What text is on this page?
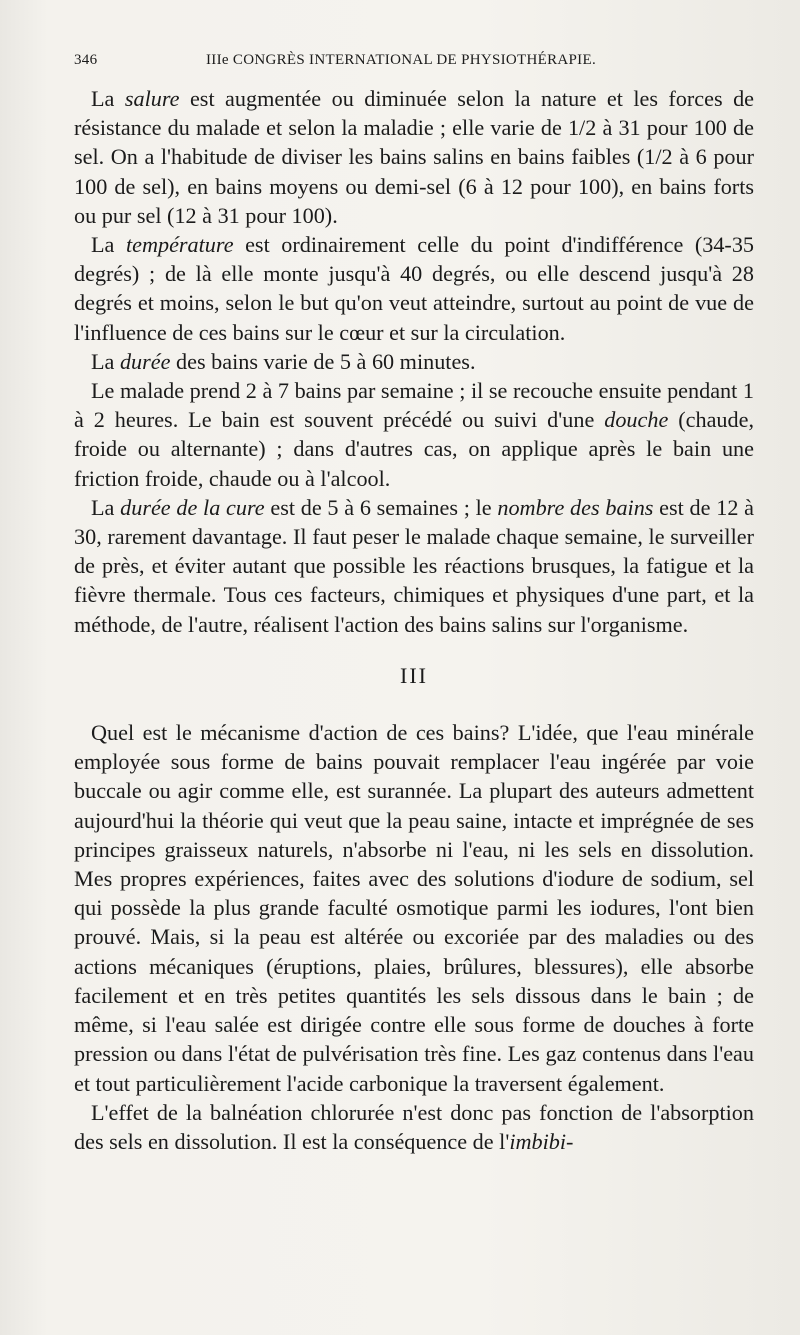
346	IIIe CONGRÈS INTERNATIONAL DE PHYSIOTHÉRAPIE.

La salure est augmentée ou diminuée selon la nature et les forces de résistance du malade et selon la maladie ; elle varie de 1/2 à 31 pour 100 de sel. On a l'habitude de diviser les bains salins en bains faibles (1/2 à 6 pour 100 de sel), en bains moyens ou demi-sel (6 à 12 pour 100), en bains forts ou pur sel (12 à 31 pour 100).

La température est ordinairement celle du point d'indifférence (34-35 degrés) ; de là elle monte jusqu'à 40 degrés, ou elle descend jusqu'à 28 degrés et moins, selon le but qu'on veut atteindre, surtout au point de vue de l'influence de ces bains sur le cœur et sur la circulation.

La durée des bains varie de 5 à 60 minutes.

Le malade prend 2 à 7 bains par semaine ; il se recouche ensuite pendant 1 à 2 heures. Le bain est souvent précédé ou suivi d'une douche (chaude, froide ou alternante) ; dans d'autres cas, on applique après le bain une friction froide, chaude ou à l'alcool.

La durée de la cure est de 5 à 6 semaines ; le nombre des bains est de 12 à 30, rarement davantage. Il faut peser le malade chaque semaine, le surveiller de près, et éviter autant que possible les réactions brusques, la fatigue et la fièvre thermale. Tous ces facteurs, chimiques et physiques d'une part, et la méthode, de l'autre, réalisent l'action des bains salins sur l'organisme.

III

Quel est le mécanisme d'action de ces bains? L'idée, que l'eau minérale employée sous forme de bains pouvait remplacer l'eau ingérée par voie buccale ou agir comme elle, est surannée. La plupart des auteurs admettent aujourd'hui la théorie qui veut que la peau saine, intacte et imprégnée de ses principes graisseux naturels, n'absorbe ni l'eau, ni les sels en dissolution. Mes propres expériences, faites avec des solutions d'iodure de sodium, sel qui possède la plus grande faculté osmotique parmi les iodures, l'ont bien prouvé. Mais, si la peau est altérée ou excoriée par des maladies ou des actions mécaniques (éruptions, plaies, brûlures, blessures), elle absorbe facilement et en très petites quantités les sels dissous dans le bain ; de même, si l'eau salée est dirigée contre elle sous forme de douches à forte pression ou dans l'état de pulvérisation très fine. Les gaz contenus dans l'eau et tout particulièrement l'acide carbonique la traversent également.

L'effet de la balnéation chlorurée n'est donc pas fonction de l'absorption des sels en dissolution. Il est la conséquence de l'imbibi-
